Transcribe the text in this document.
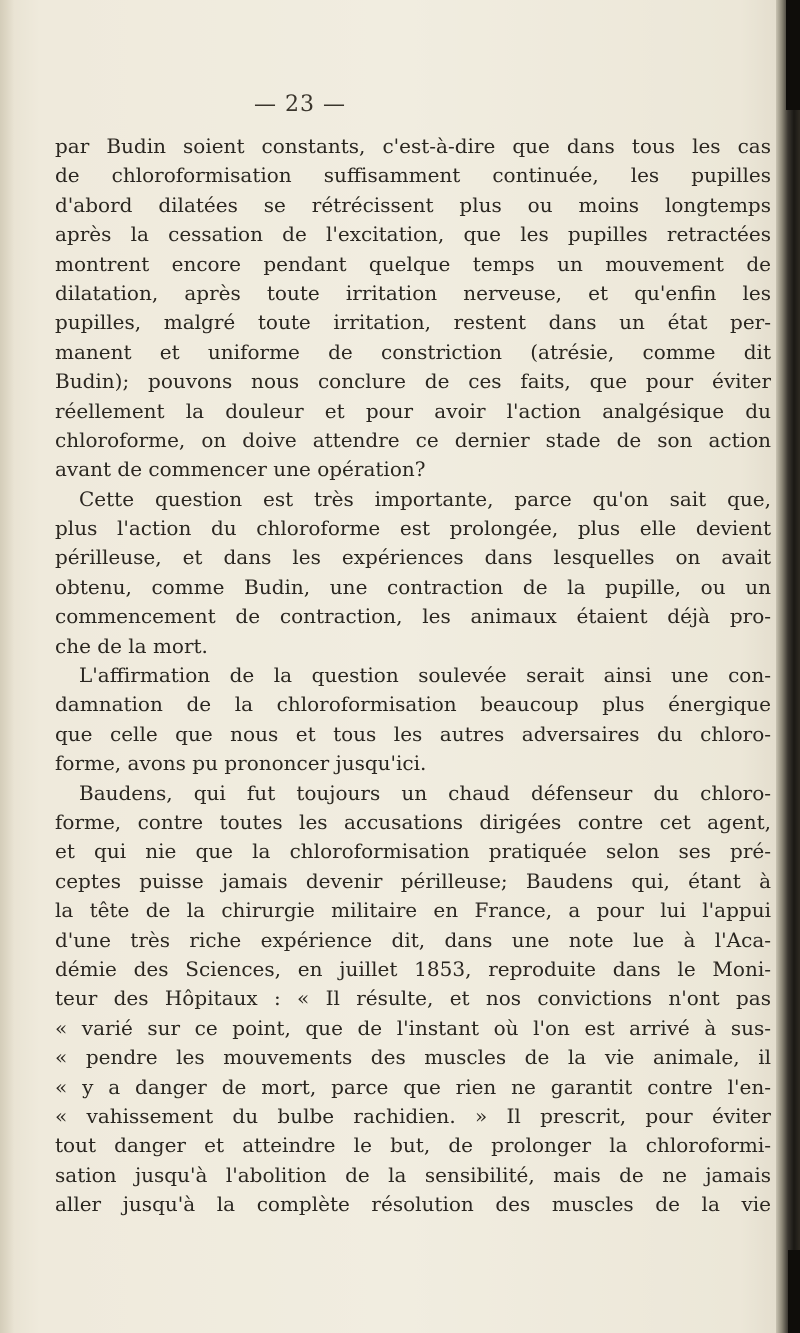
— 23 —
par Budin soient constants, c'est-à-dire que dans tous les cas
de chloroformisation suffisamment continuée, les pupilles
d'abord dilatées se rétrécissent plus ou moins longtemps
après la cessation de l'excitation, que les pupilles retractées
montrent encore pendant quelque temps un mouvement de
dilatation, après toute irritation nerveuse, et qu'enfin les
pupilles, malgré toute irritation, restent dans un état per-
manent et uniforme de constriction (atrésie, comme dit
Budin); pouvons nous conclure de ces faits, que pour éviter
réellement la douleur et pour avoir l'action analgésique du
chloroforme, on doive attendre ce dernier stade de son action
avant de commencer une opération?
Cette question est très importante, parce qu'on sait que,
plus l'action du chloroforme est prolongée, plus elle devient
périlleuse, et dans les expériences dans lesquelles on avait
obtenu, comme Budin, une contraction de la pupille, ou un
commencement de contraction, les animaux étaient déjà pro-
che de la mort.
L'affirmation de la question soulevée serait ainsi une con-
damnation de la chloroformisation beaucoup plus énergique
que celle que nous et tous les autres adversaires du chloro-
forme, avons pu prononcer jusqu'ici.
Baudens, qui fut toujours un chaud défenseur du chloro-
forme, contre toutes les accusations dirigées contre cet agent,
et qui nie que la chloroformisation pratiquée selon ses pré-
ceptes puisse jamais devenir périlleuse; Baudens qui, étant à
la tête de la chirurgie militaire en France, a pour lui l'appui
d'une très riche expérience dit, dans une note lue à l'Aca-
démie des Sciences, en juillet 1853, reproduite dans le Moni-
teur des Hôpitaux : « Il résulte, et nos convictions n'ont pas
« varié sur ce point, que de l'instant où l'on est arrivé à sus-
« pendre les mouvements des muscles de la vie animale, il
« y a danger de mort, parce que rien ne garantit contre l'en-
« vahissement du bulbe rachidien. » Il prescrit, pour éviter
tout danger et atteindre le but, de prolonger la chloroformi-
sation jusqu'à l'abolition de la sensibilité, mais de ne jamais
aller jusqu'à la complète résolution des muscles de la vie
